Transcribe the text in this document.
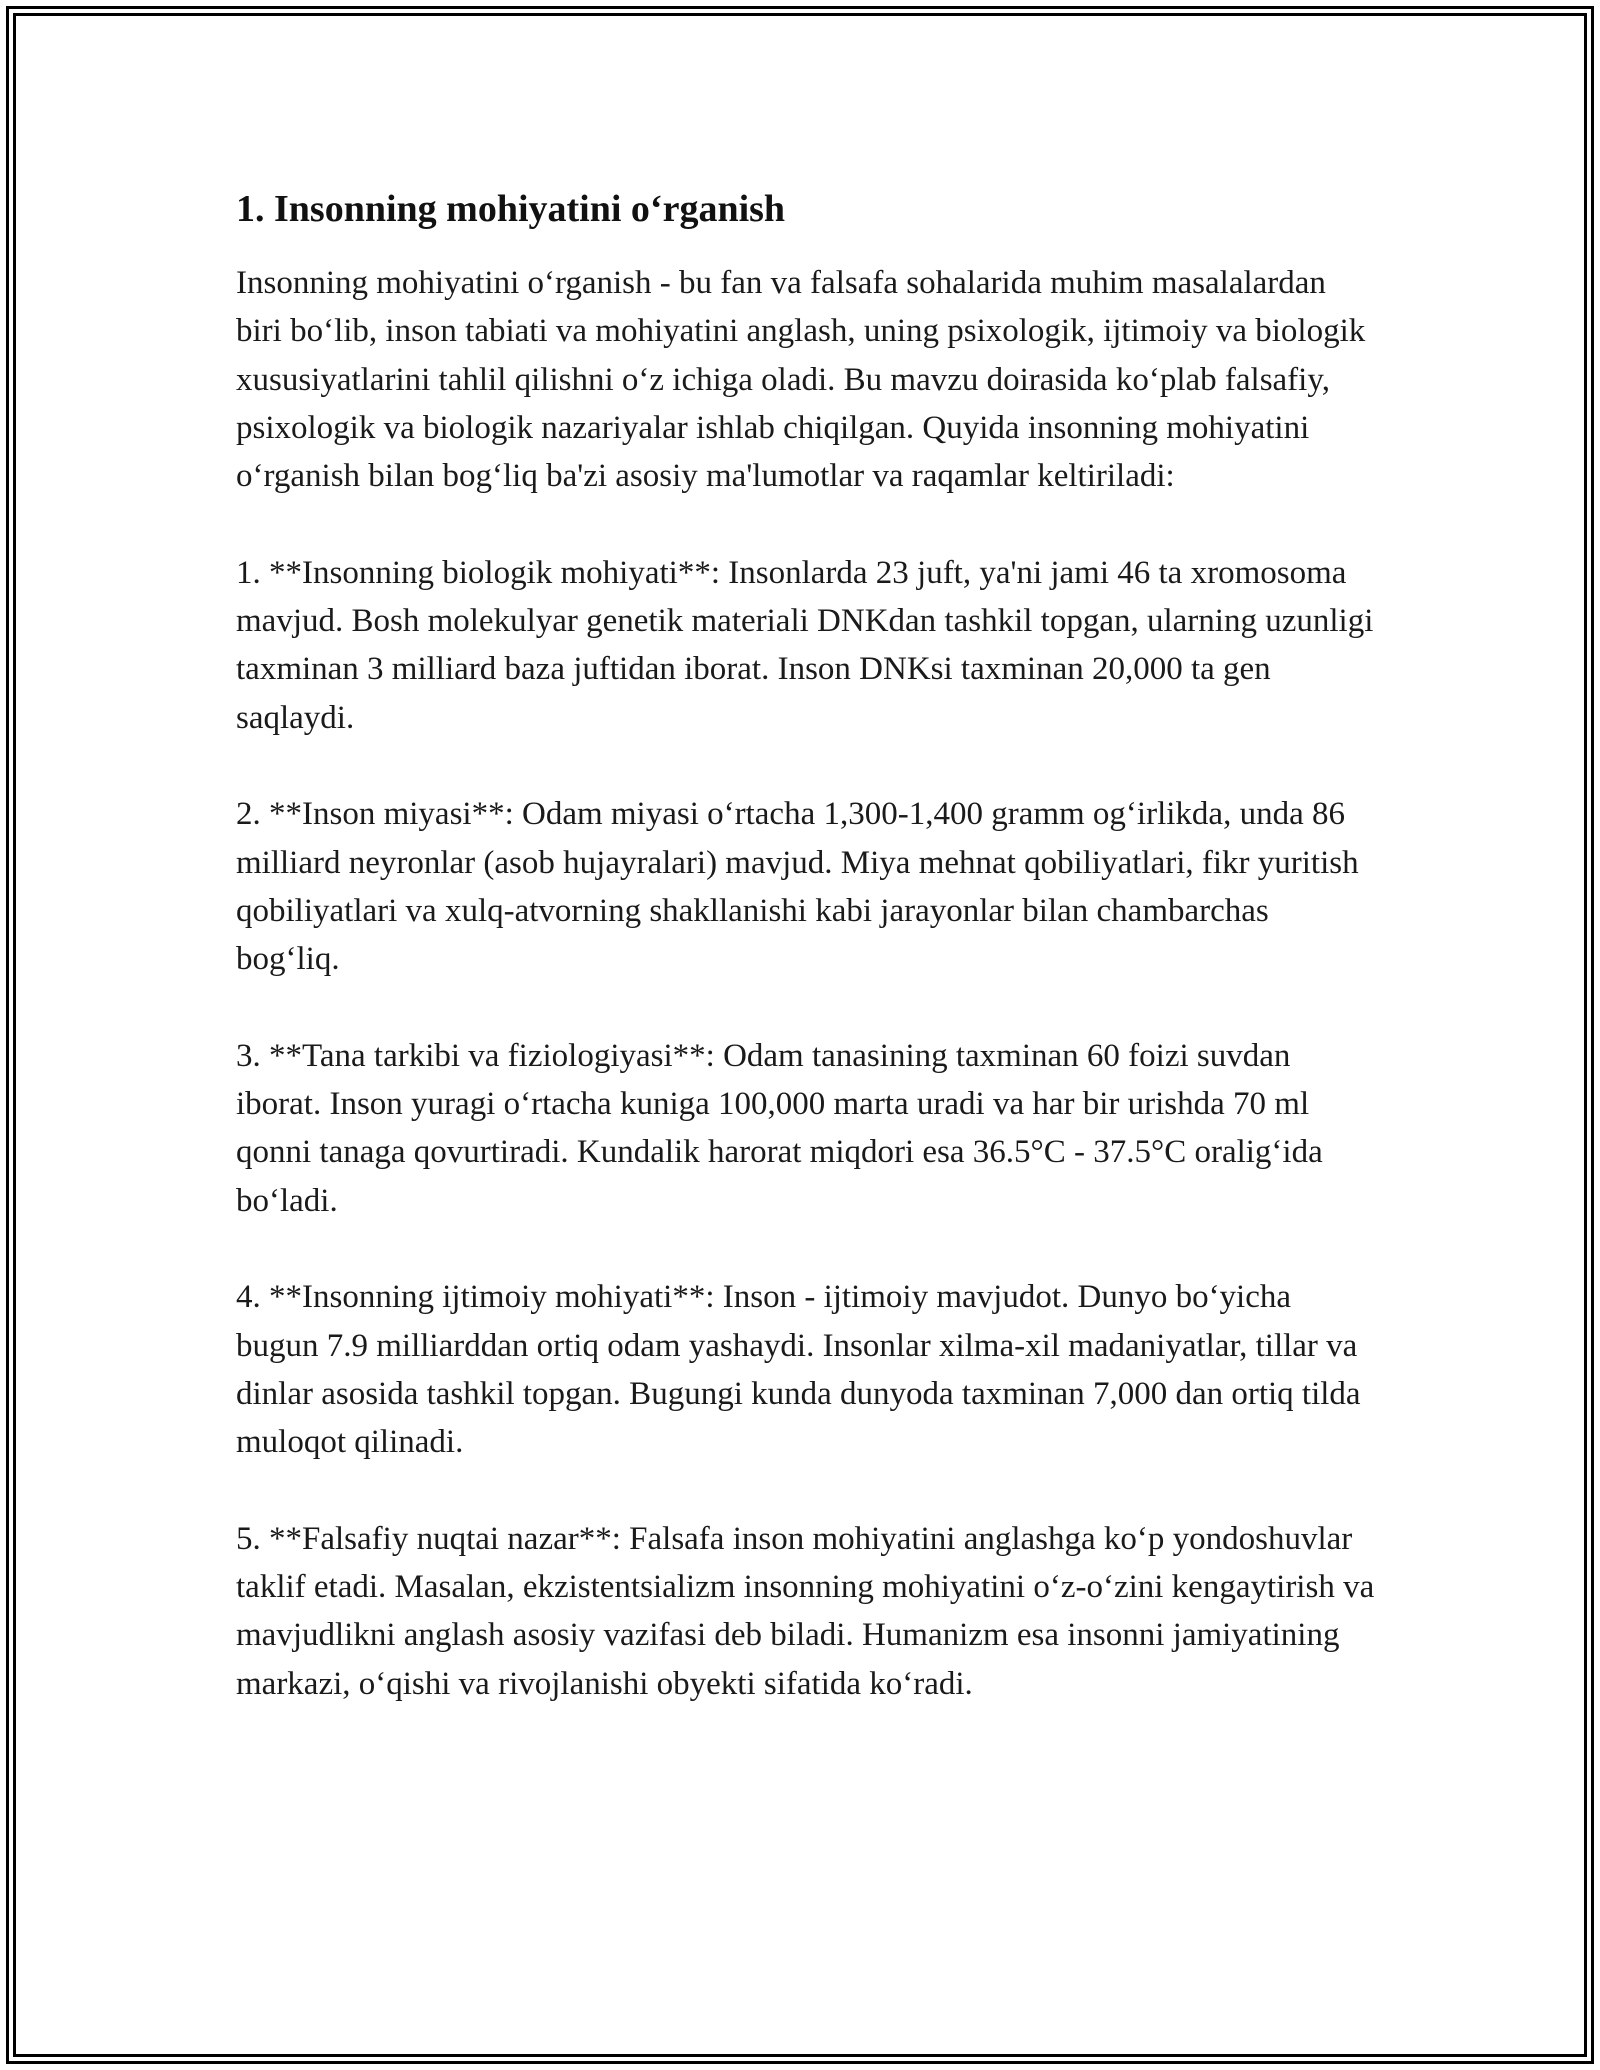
1. Insonning mohiyatini o‘rganish

Insonning mohiyatini o‘rganish - bu fan va falsafa sohalarida muhim masalalardan biri bo‘lib, inson tabiati va mohiyatini anglash, uning psixologik, ijtimoiy va biologik xususiyatlarini tahlil qilishni o‘z ichiga oladi. Bu mavzu doirasida ko‘plab falsafiy, psixologik va biologik nazariyalar ishlab chiqilgan. Quyida insonning mohiyatini o‘rganish bilan bog‘liq ba'zi asosiy ma'lumotlar va raqamlar keltiriladi:

1. **Insonning biologik mohiyati**: Insonlarda 23 juft, ya'ni jami 46 ta xromosoma mavjud. Bosh molekulyar genetik materiali DNKdan tashkil topgan, ularning uzunligi taxminan 3 milliard baza juftidan iborat. Inson DNKsi taxminan 20,000 ta gen saqlaydi.

2. **Inson miyasi**: Odam miyasi o‘rtacha 1,300-1,400 gramm og‘irlikda, unda 86 milliard neyronlar (asob hujayralari) mavjud. Miya mehnat qobiliyatlari, fikr yuritish qobiliyatlari va xulq-atvorning shakllanishi kabi jarayonlar bilan chambarchas bog‘liq.

3. **Tana tarkibi va fiziologiyasi**: Odam tanasining taxminan 60 foizi suvdan iborat. Inson yuragi o‘rtacha kuniga 100,000 marta uradi va har bir urishda 70 ml qonni tanaga qovurtiradi. Kundalik harorat miqdori esa 36.5°C - 37.5°C oralig‘ida bo‘ladi.

4. **Insonning ijtimoiy mohiyati**: Inson - ijtimoiy mavjudot. Dunyo bo‘yicha bugun 7.9 milliarddan ortiq odam yashaydi. Insonlar xilma-xil madaniyatlar, tillar va dinlar asosida tashkil topgan. Bugungi kunda dunyoda taxminan 7,000 dan ortiq tilda muloqot qilinadi.

5. **Falsafiy nuqtai nazar**: Falsafa inson mohiyatini anglashga ko‘p yondoshuvlar taklif etadi. Masalan, ekzistentsializm insonning mohiyatini o‘z-o‘zini kengaytirish va mavjudlikni anglash asosiy vazifasi deb biladi. Humanizm esa insonni jamiyatining markazi, o‘qishi va rivojlanishi obyekti sifatida ko‘radi.
